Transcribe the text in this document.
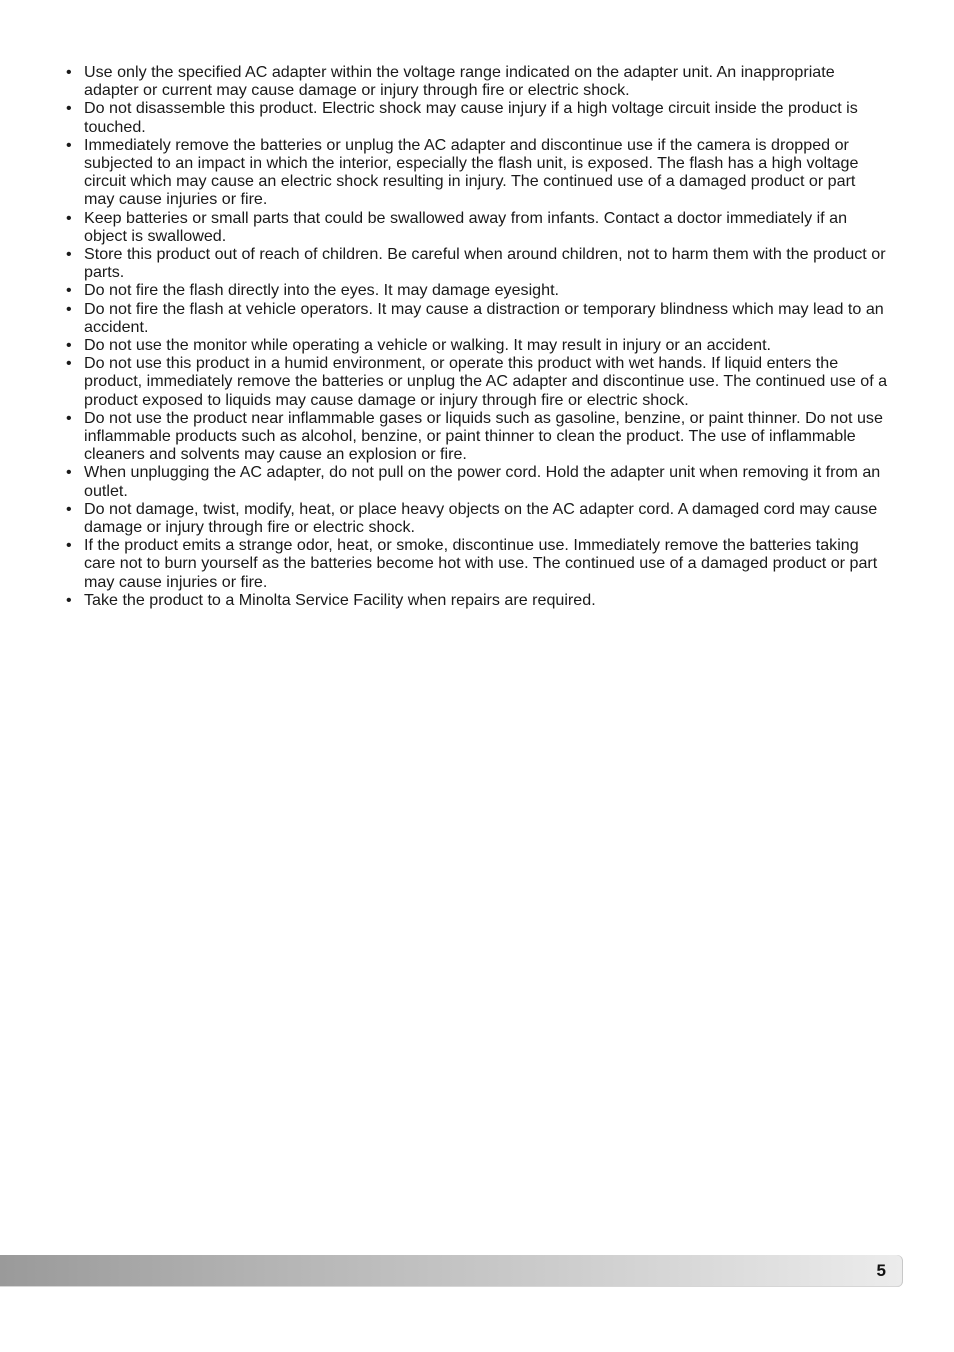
• Use only the specified AC adapter within the voltage range indicated on the adapter unit. An inappropriate adapter or current may cause damage or injury through fire or electric shock.
• Do not disassemble this product. Electric shock may cause injury if a high voltage circuit inside the product is touched.
• Immediately remove the batteries or unplug the AC adapter and discontinue use if the camera is dropped or subjected to an impact in which the interior, especially the flash unit, is exposed. The flash has a high voltage circuit which may cause an electric shock resulting in injury. The continued use of a damaged product or part may cause injuries or fire.
• Keep batteries or small parts that could be swallowed away from infants. Contact a doctor immediately if an object is swallowed.
• Store this product out of reach of children. Be careful when around children, not to harm them with the product or parts.
• Do not fire the flash directly into the eyes. It may damage eyesight.
• Do not fire the flash at vehicle operators. It may cause a distraction or temporary blindness which may lead to an accident.
• Do not use the monitor while operating a vehicle or walking. It may result in injury or an accident.
• Do not use this product in a humid environment, or operate this product with wet hands. If liquid enters the product, immediately remove the batteries or unplug the AC adapter and discontinue use. The continued use of a product exposed to liquids may cause damage or injury through fire or electric shock.
• Do not use the product near inflammable gases or liquids such as gasoline, benzine, or paint thinner. Do not use inflammable products such as alcohol, benzine, or paint thinner to clean the product. The use of inflammable cleaners and solvents may cause an explosion or fire.
• When unplugging the AC adapter, do not pull on the power cord. Hold the adapter unit when removing it from an outlet.
• Do not damage, twist, modify, heat, or place heavy objects on the AC adapter cord. A damaged cord may cause damage or injury through fire or electric shock.
• If the product emits a strange odor, heat, or smoke, discontinue use. Immediately remove the batteries taking care not to burn yourself as the batteries become hot with use. The continued use of a damaged product or part may cause injuries or fire.
• Take the product to a Minolta Service Facility when repairs are required.
5
